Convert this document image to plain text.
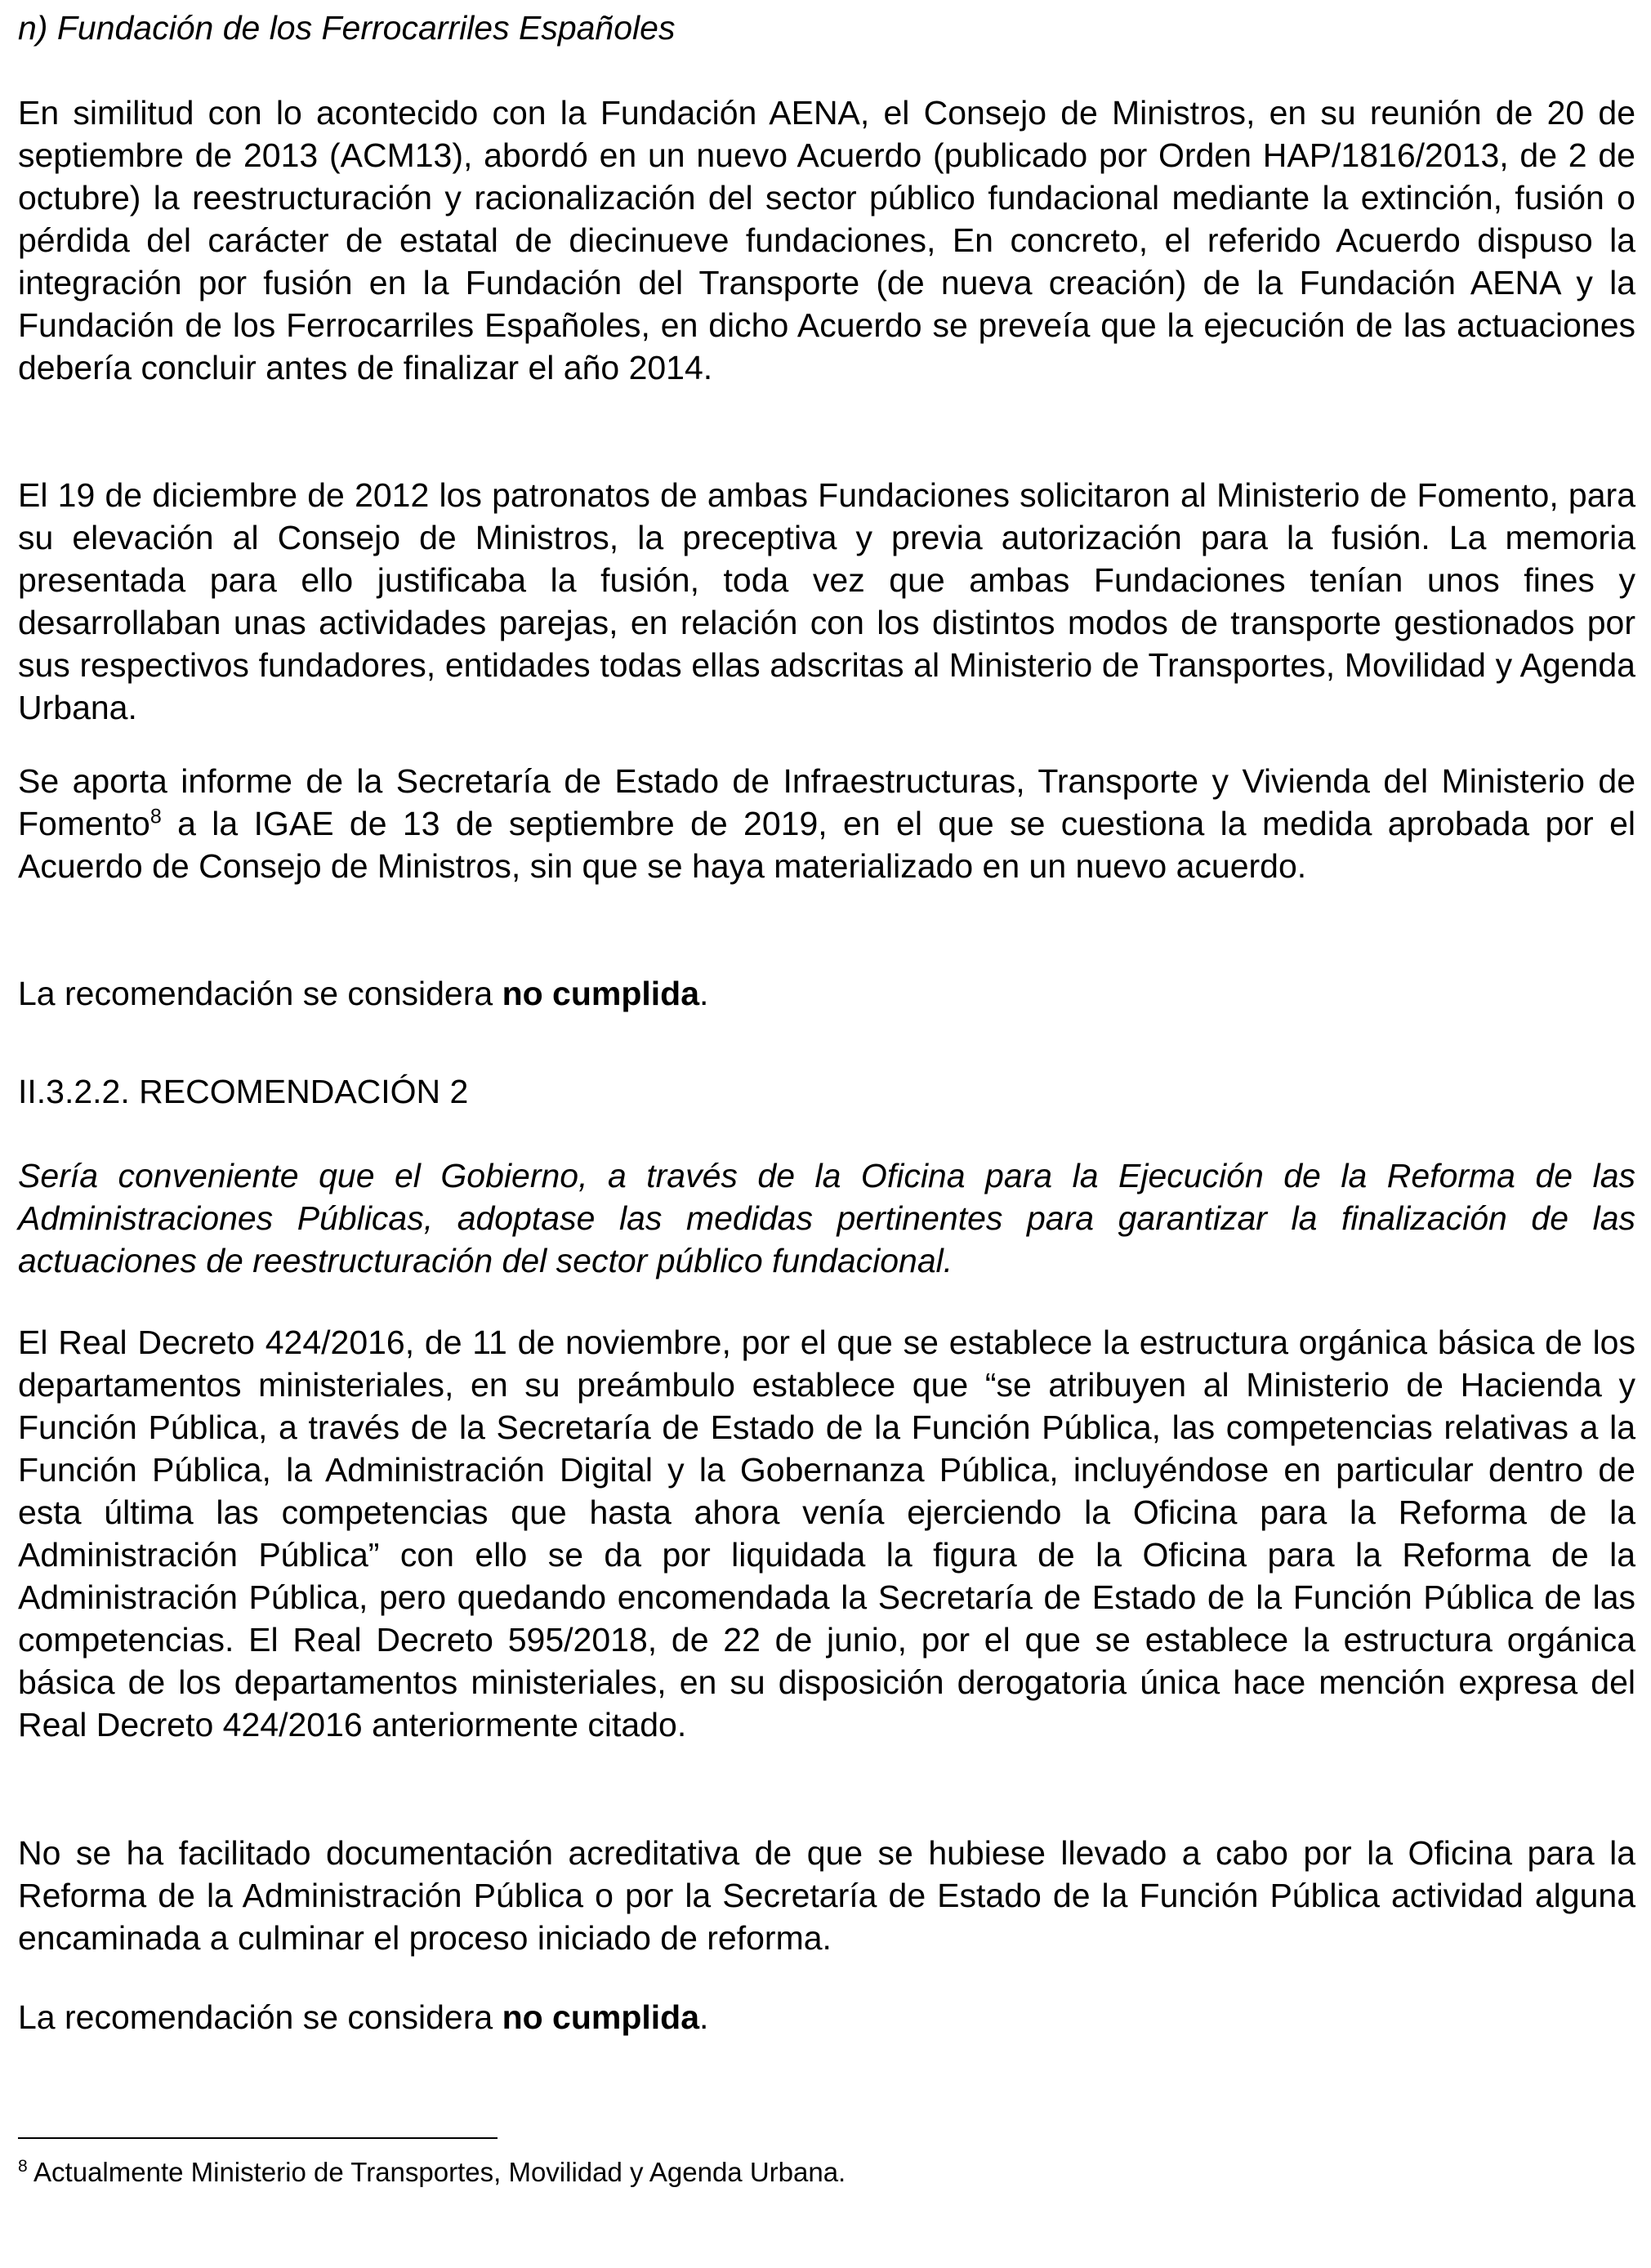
n) Fundación de los Ferrocarriles Españoles

En similitud con lo acontecido con la Fundación AENA, el Consejo de Ministros, en su reunión de 20 de septiembre de 2013 (ACM13), abordó en un nuevo Acuerdo (publicado por Orden HAP/1816/2013, de 2 de octubre) la reestructuración y racionalización del sector público fundacional mediante la extinción, fusión o pérdida del carácter de estatal de diecinueve fundaciones, En concreto, el referido Acuerdo dispuso la integración por fusión en la Fundación del Transporte (de nueva creación) de la Fundación AENA y la Fundación de los Ferrocarriles Españoles, en dicho Acuerdo se preveía que la ejecución de las actuaciones debería concluir antes de finalizar el año 2014.

El 19 de diciembre de 2012 los patronatos de ambas Fundaciones solicitaron al Ministerio de Fomento, para su elevación al Consejo de Ministros, la preceptiva y previa autorización para la fusión. La memoria presentada para ello justificaba la fusión, toda vez que ambas Fundaciones tenían unos fines y desarrollaban unas actividades parejas, en relación con los distintos modos de transporte gestionados por sus respectivos fundadores, entidades todas ellas adscritas al Ministerio de Transportes, Movilidad y Agenda Urbana.

Se aporta informe de la Secretaría de Estado de Infraestructuras, Transporte y Vivienda del Ministerio de Fomento$^8$ a la IGAE de 13 de septiembre de 2019, en el que se cuestiona la medida aprobada por el Acuerdo de Consejo de Ministros, sin que se haya materializado en un nuevo acuerdo.

La recomendación se considera no cumplida.

II.3.2.2. RECOMENDACIÓN 2

Sería conveniente que el Gobierno, a través de la Oficina para la Ejecución de la Reforma de las Administraciones Públicas, adoptase las medidas pertinentes para garantizar la finalización de las actuaciones de reestructuración del sector público fundacional.

El Real Decreto 424/2016, de 11 de noviembre, por el que se establece la estructura orgánica básica de los departamentos ministeriales, en su preámbulo establece que “se atribuyen al Ministerio de Hacienda y Función Pública, a través de la Secretaría de Estado de la Función Pública, las competencias relativas a la Función Pública, la Administración Digital y la Gobernanza Pública, incluyéndose en particular dentro de esta última las competencias que hasta ahora venía ejerciendo la Oficina para la Reforma de la Administración Pública” con ello se da por liquidada la figura de la Oficina para la Reforma de la Administración Pública, pero quedando encomendada la Secretaría de Estado de la Función Pública de las competencias. El Real Decreto 595/2018, de 22 de junio, por el que se establece la estructura orgánica básica de los departamentos ministeriales, en su disposición derogatoria única hace mención expresa del Real Decreto 424/2016 anteriormente citado.

No se ha facilitado documentación acreditativa de que se hubiese llevado a cabo por la Oficina para la Reforma de la Administración Pública o por la Secretaría de Estado de la Función Pública actividad alguna encaminada a culminar el proceso iniciado de reforma.

La recomendación se considera no cumplida.

$^8$ Actualmente Ministerio de Transportes, Movilidad y Agenda Urbana.
